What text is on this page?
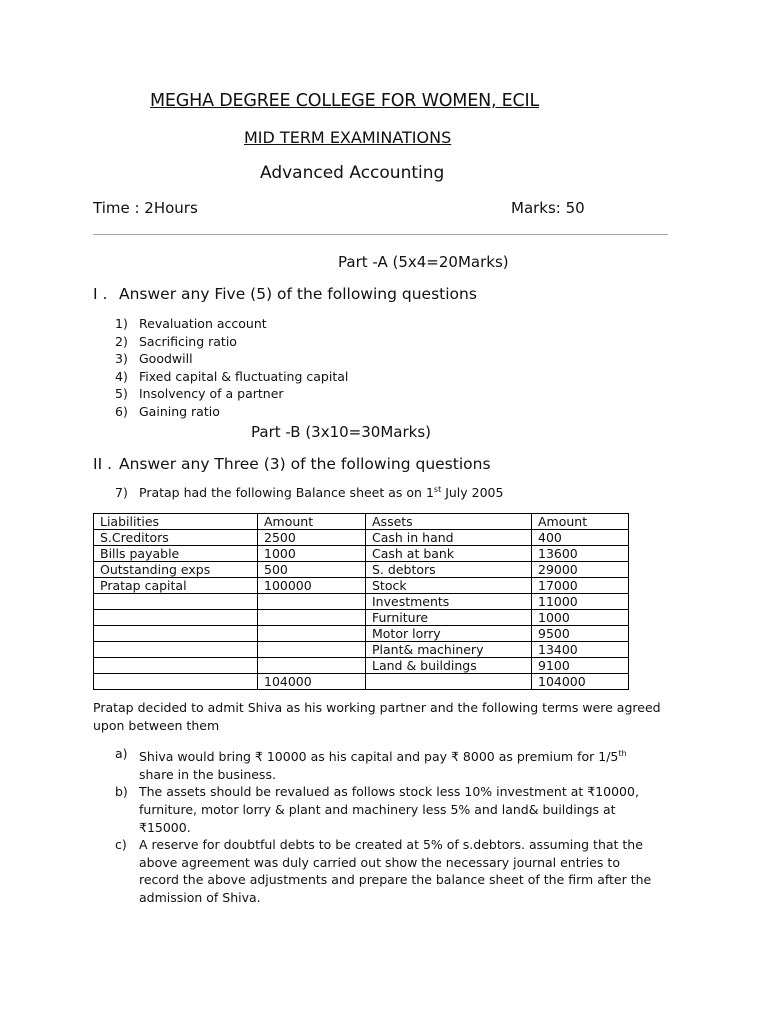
MEGHA DEGREE COLLEGE FOR WOMEN, ECIL
MID TERM EXAMINATIONS
Advanced Accounting
Time : 2Hours	Marks: 50
Part -A (5x4=20Marks)
I . Answer any Five (5) of the following questions
1) Revaluation account
2) Sacrificing ratio
3) Goodwill
4) Fixed capital & fluctuating capital
5) Insolvency of a partner
6) Gaining ratio
Part -B (3x10=30Marks)
II . Answer any Three (3) of the following questions
7) Pratap had the following Balance sheet as on 1st July 2005
Liabilities	Amount	Assets	Amount
S.Creditors	2500	Cash in hand	400
Bills payable	1000	Cash at bank	13600
Outstanding exps	500	S. debtors	29000
Pratap capital	100000	Stock	17000
		Investments	11000
		Furniture	1000
		Motor lorry	9500
		Plant& machinery	13400
		Land & buildings	9100
	104000		104000
Pratap decided to admit Shiva as his working partner and the following terms were agreed upon between them
a) Shiva would bring ₹ 10000 as his capital and pay ₹ 8000 as premium for 1/5th share in the business.
b) The assets should be revalued as follows stock less 10% investment at ₹10000, furniture, motor lorry & plant and machinery less 5% and land& buildings at ₹15000.
c) A reserve for doubtful debts to be created at 5% of s.debtors. assuming that the above agreement was duly carried out show the necessary journal entries to record the above adjustments and prepare the balance sheet of the firm after the admission of Shiva.
